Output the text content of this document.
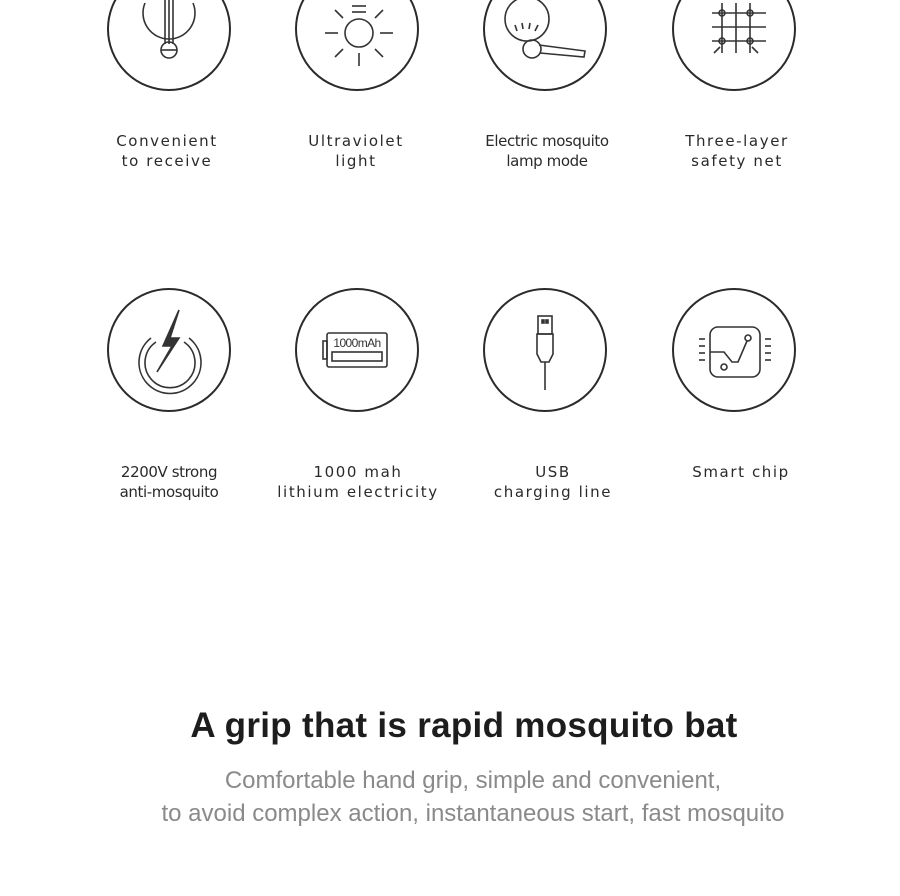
Convenient
to receive
Ultraviolet
light
Electric mosquito
lamp mode
Three-layer
safety net
2200V strong
anti-mosquito
1000mAh
1000 mah
lithium electricity
USB
charging line
Smart chip
A grip that is rapid mosquito bat
Comfortable hand grip, simple and convenient,
to avoid complex action, instantaneous start, fast mosquito
